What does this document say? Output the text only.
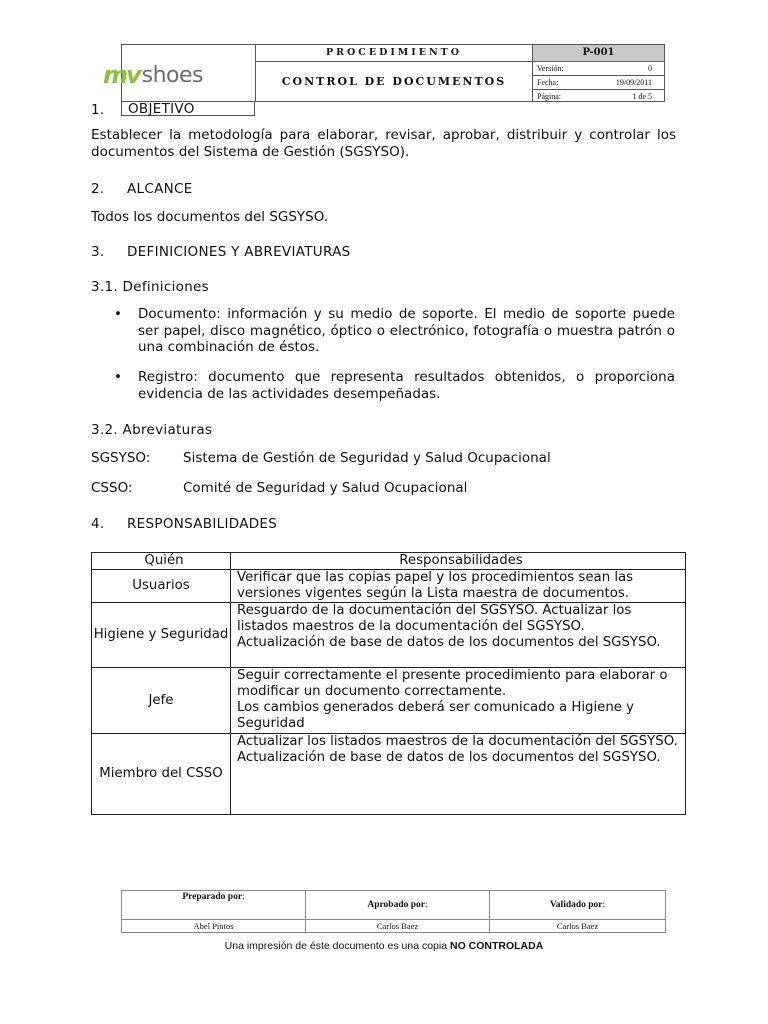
mv shoes
PROCEDIMIENTO
CONTROL DE DOCUMENTOS
P-001
Versión:	0
Fecha:	19/09/2011
Página:	1 de 5
1.	OBJETIVO
Establecer la metodología para elaborar, revisar, aprobar, distribuir y controlar los documentos del Sistema de Gestión (SGSYSO).
2. ALCANCE
Todos los documentos del SGSYSO.
3. DEFINICIONES Y ABREVIATURAS
3.1. Definiciones
• Documento: información y su medio de soporte. El medio de soporte puede ser papel, disco magnético, óptico o electrónico, fotografía o muestra patrón o una combinación de éstos.
• Registro: documento que representa resultados obtenidos, o proporciona evidencia de las actividades desempeñadas.
3.2. Abreviaturas
SGSYSO: Sistema de Gestión de Seguridad y Salud Ocupacional
CSSO:	Comité de Seguridad y Salud Ocupacional
4. RESPONSABILIDADES
Quién	Responsabilidades
Usuarios	Verificar que las copias papel y los procedimientos sean las versiones vigentes según la Lista maestra de documentos.

Higiene y Seguridad	Resguardo de la documentación del SGSYSO. Actualizar los listados maestros de la documentación del SGSYSO.
Actualización de base de datos de los documentos del SGSYSO.

Jefe	Seguir correctamente el presente procedimiento para elaborar o modificar un documento correctamente.
Los cambios generados deberá ser comunicado a Higiene y Seguridad

Miembro del CSSO	Actualizar los listados maestros de la documentación del SGSYSO.
Actualización de base de datos de los documentos del SGSYSO.
Preparado por:	Aprobado por:	Validado por:
Abel Pintos	Carlos Baez	Carlos Baez
Una impresión de éste documento es una copia NO CONTROLADA
